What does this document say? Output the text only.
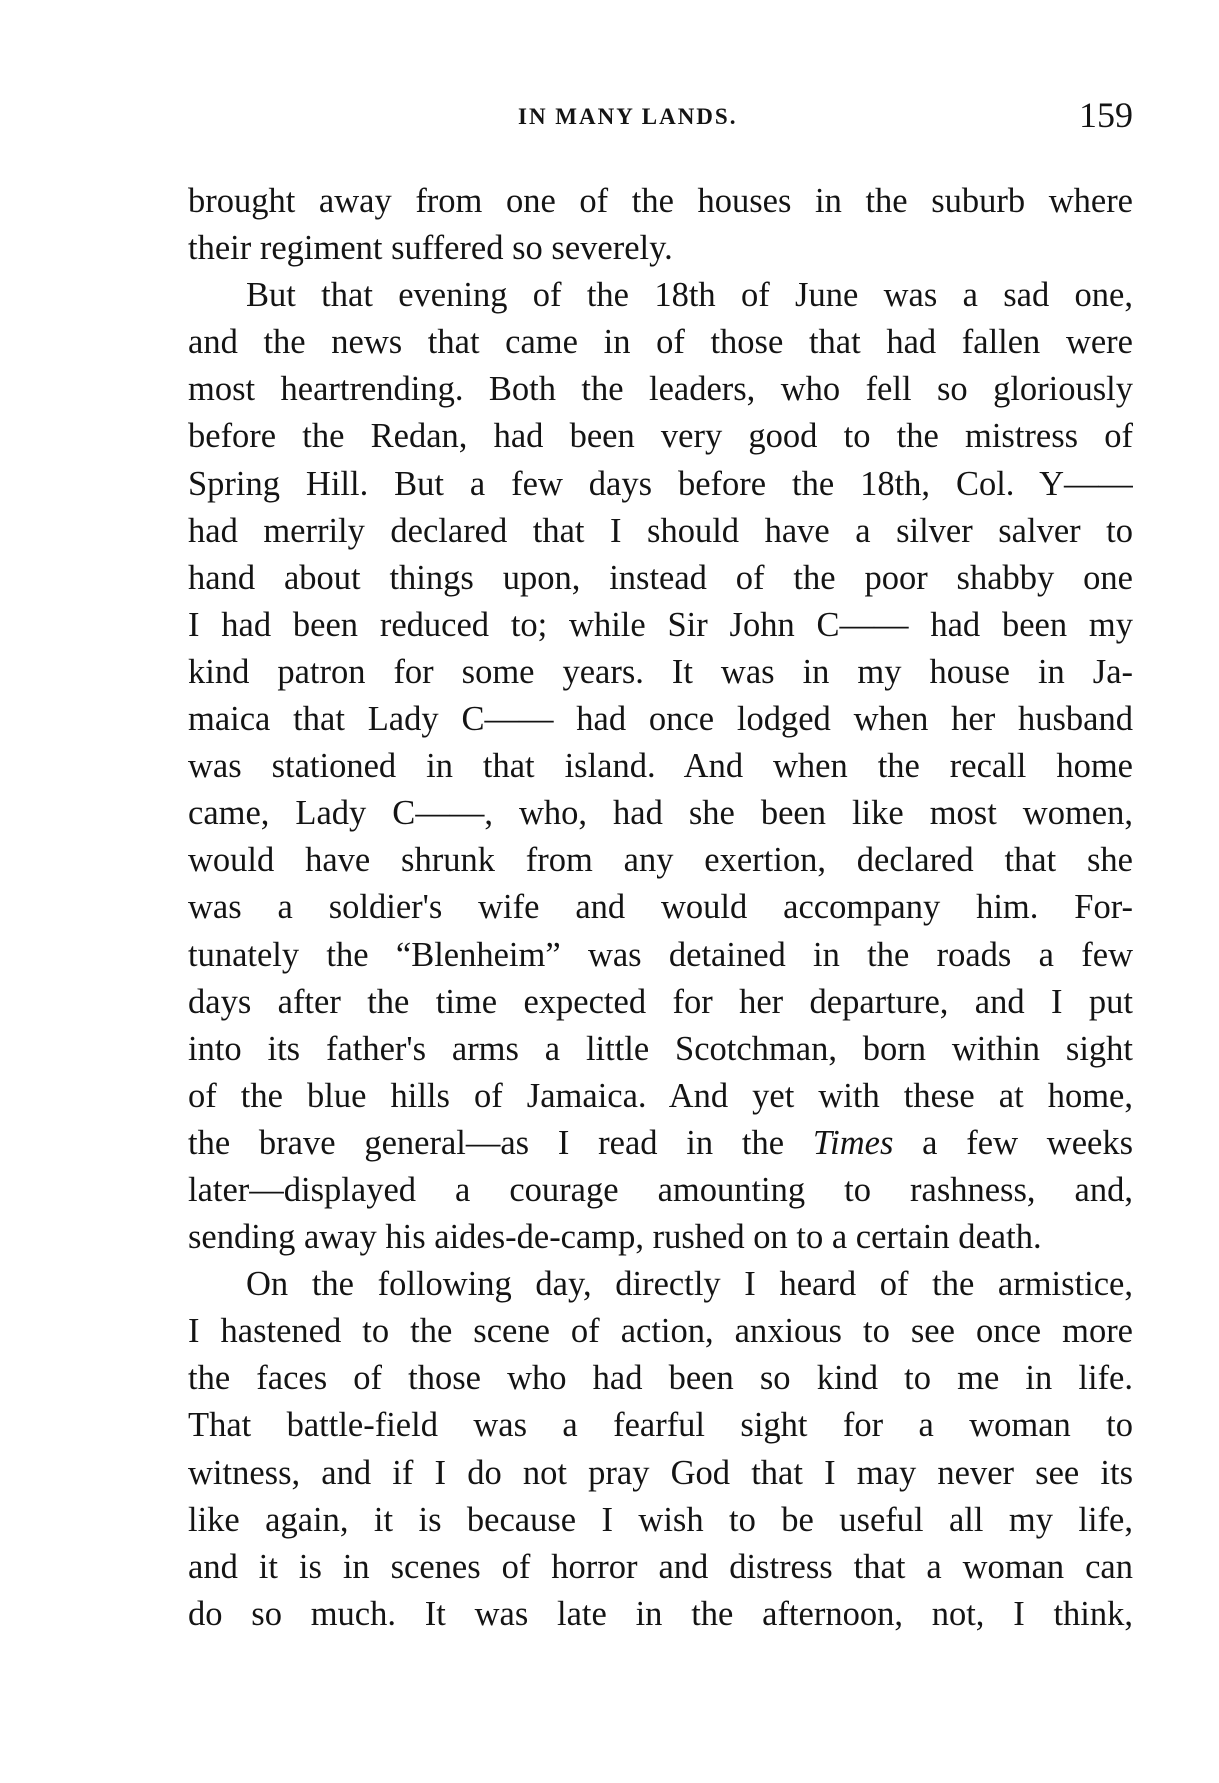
IN MANY LANDS.	159
brought away from one of the houses in the suburb where
their regiment suffered so severely.
But that evening of the 18th of June was a sad one,
and the news that came in of those that had fallen were
most heartrending. Both the leaders, who fell so gloriously
before the Redan, had been very good to the mistress of
Spring Hill. But a few days before the 18th, Col. Y——
had merrily declared that I should have a silver salver to
hand about things upon, instead of the poor shabby one
I had been reduced to; while Sir John C—— had been my
kind patron for some years. It was in my house in Ja-
maica that Lady C—— had once lodged when her husband
was stationed in that island. And when the recall home
came, Lady C——, who, had she been like most women,
would have shrunk from any exertion, declared that she
was a soldier's wife and would accompany him. For-
tunately the “Blenheim” was detained in the roads a few
days after the time expected for her departure, and I put
into its father's arms a little Scotchman, born within sight
of the blue hills of Jamaica. And yet with these at home,
the brave general—as I read in the Times a few weeks
later—displayed a courage amounting to rashness, and,
sending away his aides-de-camp, rushed on to a certain death.
On the following day, directly I heard of the armistice,
I hastened to the scene of action, anxious to see once more
the faces of those who had been so kind to me in life.
That battle-field was a fearful sight for a woman to
witness, and if I do not pray God that I may never see its
like again, it is because I wish to be useful all my life,
and it is in scenes of horror and distress that a woman can
do so much. It was late in the afternoon, not, I think,
